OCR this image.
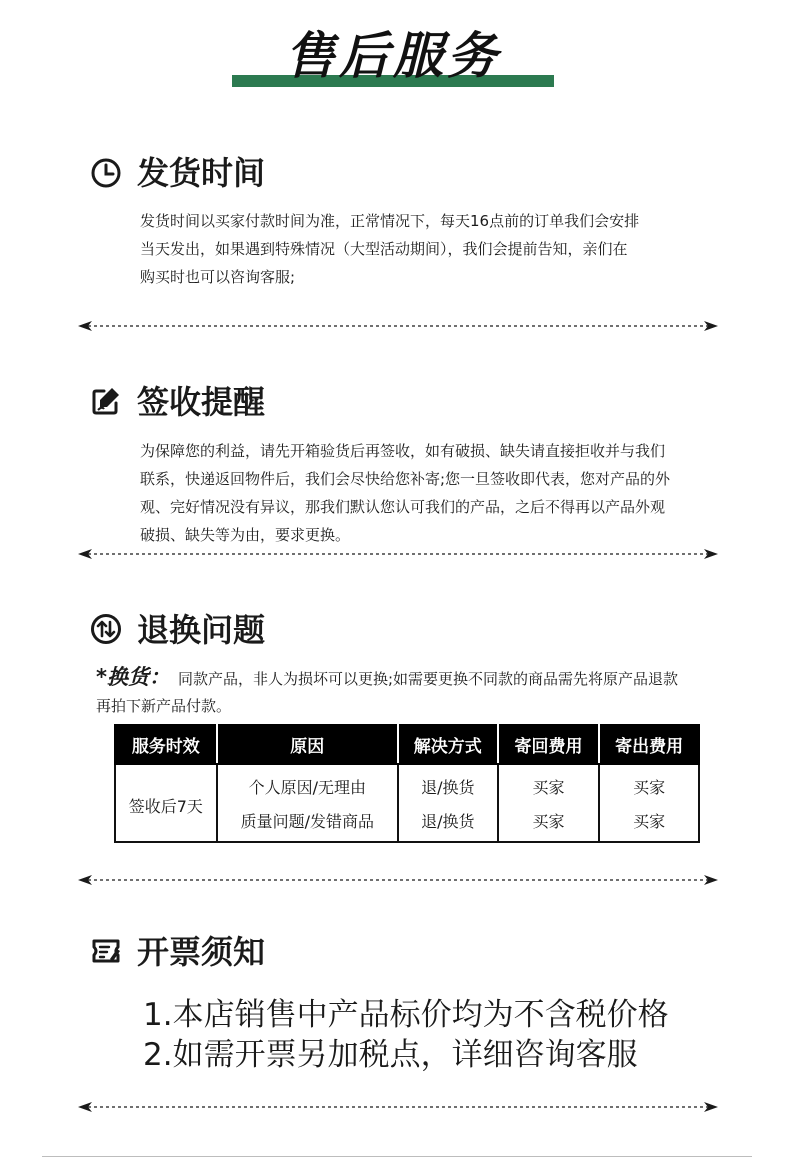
售后服务
发货时间
发货时间以买家付款时间为准，正常情况下，每天16点前的订单我们会安排
当天发出，如果遇到特殊情况（大型活动期间），我们会提前告知，亲们在
购买时也可以咨询客服;
签收提醒
为保障您的利益，请先开箱验货后再签收，如有破损、缺失请直接拒收并与我们
联系，快递返回物件后，我们会尽快给您补寄;您一旦签收即代表，您对产品的外
观、完好情况没有异议，那我们默认您认可我们的产品，之后不得再以产品外观
破损、缺失等为由，要求更换。
退换问题
*换货： 同款产品，非人为损坏可以更换;如需要更换不同款的商品需先将原产品退款
再拍下新产品付款。
服务时效	原因	解决方式	寄回费用	寄出费用
签收后7天	个人原因/无理由	退/换货	买家	买家
	质量问题/发错商品	退/换货	买家	买家
开票须知
1.本店销售中产品标价均为不含税价格
2.如需开票另加税点，详细咨询客服
